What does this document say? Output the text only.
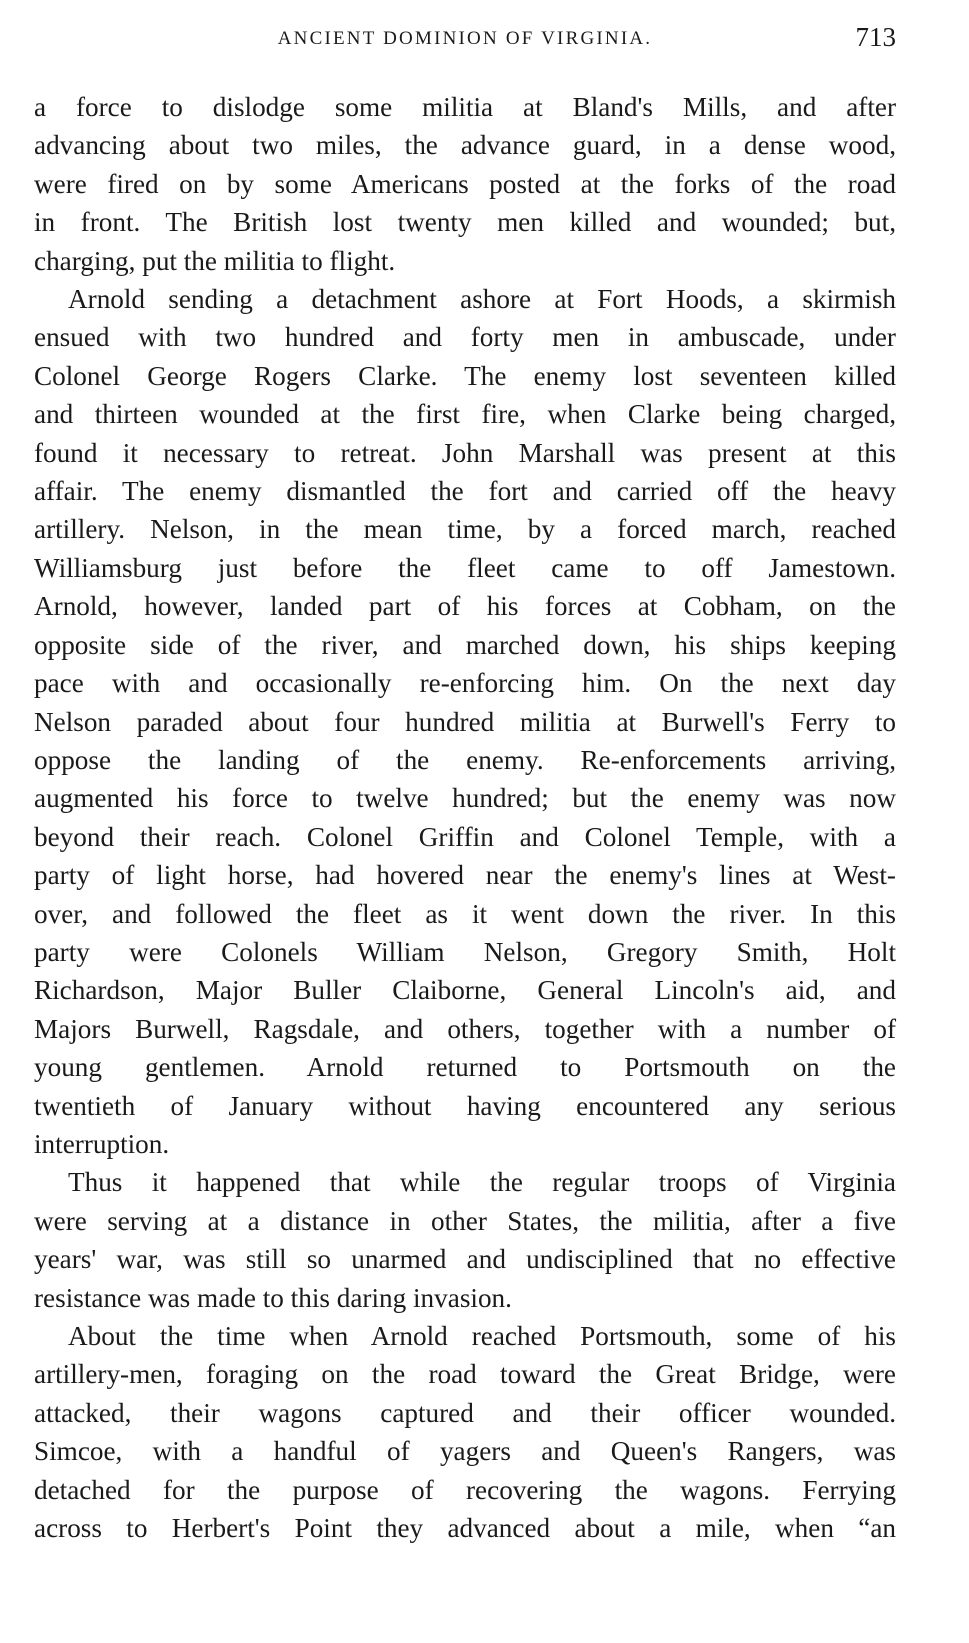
ANCIENT DOMINION OF VIRGINIA.	713
a force to dislodge some militia at Bland's Mills, and after
advancing about two miles, the advance guard, in a dense wood,
were fired on by some Americans posted at the forks of the road
in front. The British lost twenty men killed and wounded; but,
charging, put the militia to flight.
Arnold sending a detachment ashore at Fort Hoods, a skirmish
ensued with two hundred and forty men in ambuscade, under
Colonel George Rogers Clarke. The enemy lost seventeen killed
and thirteen wounded at the first fire, when Clarke being charged,
found it necessary to retreat. John Marshall was present at this
affair. The enemy dismantled the fort and carried off the heavy
artillery. Nelson, in the mean time, by a forced march, reached
Williamsburg just before the fleet came to off Jamestown.
Arnold, however, landed part of his forces at Cobham, on the
opposite side of the river, and marched down, his ships keeping
pace with and occasionally re-enforcing him. On the next day
Nelson paraded about four hundred militia at Burwell's Ferry to
oppose the landing of the enemy. Re-enforcements arriving,
augmented his force to twelve hundred; but the enemy was now
beyond their reach. Colonel Griffin and Colonel Temple, with a
party of light horse, had hovered near the enemy's lines at West-
over, and followed the fleet as it went down the river. In this
party were Colonels William Nelson, Gregory Smith, Holt
Richardson, Major Buller Claiborne, General Lincoln's aid, and
Majors Burwell, Ragsdale, and others, together with a number of
young gentlemen. Arnold returned to Portsmouth on the
twentieth of January without having encountered any serious
interruption.
Thus it happened that while the regular troops of Virginia
were serving at a distance in other States, the militia, after a five
years' war, was still so unarmed and undisciplined that no effective
resistance was made to this daring invasion.
About the time when Arnold reached Portsmouth, some of his
artillery-men, foraging on the road toward the Great Bridge, were
attacked, their wagons captured and their officer wounded.
Simcoe, with a handful of yagers and Queen's Rangers, was
detached for the purpose of recovering the wagons. Ferrying
across to Herbert's Point they advanced about a mile, when “an
